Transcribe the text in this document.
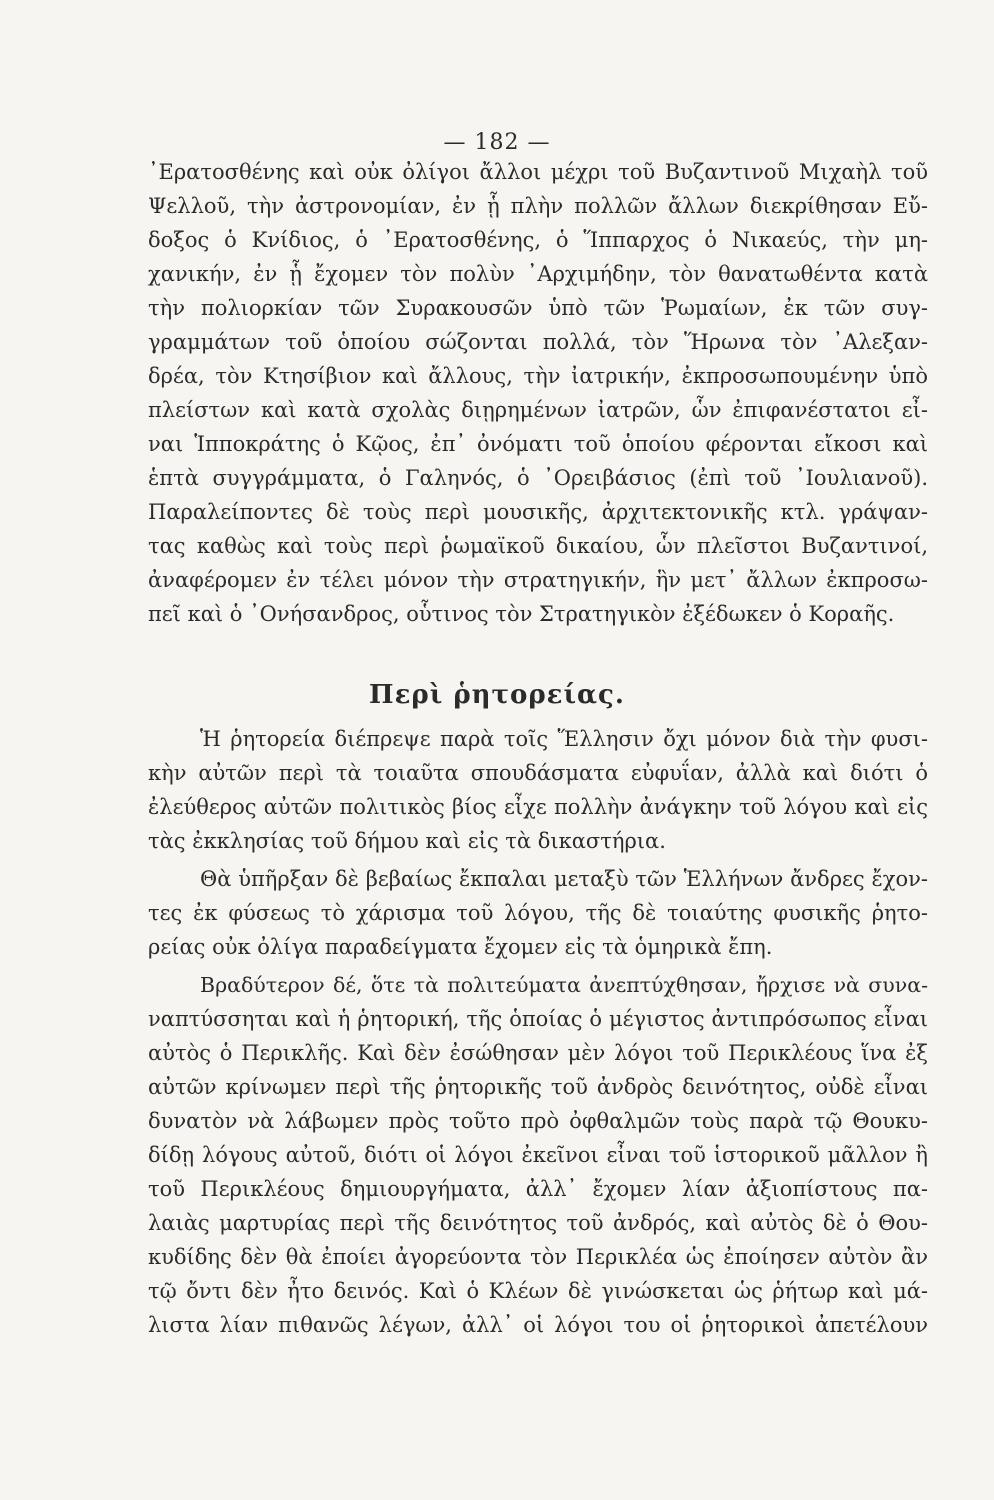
— 182 —
᾿Ερατοσθένης καὶ οὐκ ὀλίγοι ἄλλοι μέχρι τοῦ Βυζαντινοῦ Μιχαὴλ τοῦ
Ψελλοῦ, τὴν ἀστρονομίαν, ἐν ᾗ πλὴν πολλῶν ἄλλων διεκρίθησαν Εὔ-
δοξος ὁ Κνίδιος, ὁ ᾿Ερατοσθένης, ὁ Ἵππαρχος ὁ Νικαεύς, τὴν μη-
χανικήν, ἐν ᾗ ἔχομεν τὸν πολὺν ᾿Αρχιμήδην, τὸν θανατωθέντα κατὰ
τὴν πολιορκίαν τῶν Συρακουσῶν ὑπὸ τῶν Ῥωμαίων, ἐκ τῶν συγ-
γραμμάτων τοῦ ὁποίου σώζονται πολλά, τὸν Ἥρωνα τὸν ᾿Αλεξαν-
δρέα, τὸν Κτησίβιον καὶ ἄλλους, τὴν ἰατρικήν, ἐκπροσωπουμένην ὑπὸ
πλείστων καὶ κατὰ σχολὰς διῃρημένων ἰατρῶν, ὧν ἐπιφανέστατοι εἶ-
ναι Ἱπποκράτης ὁ Κῷος, ἐπ᾿ ὀνόματι τοῦ ὁποίου φέρονται εἴκοσι καὶ
ἑπτὰ συγγράμματα, ὁ Γαληνός, ὁ ᾿Ορειβάσιος (ἐπὶ τοῦ ᾿Ιουλιανοῦ).
Παραλείποντες δὲ τοὺς περὶ μουσικῆς, ἀρχιτεκτονικῆς κτλ. γράψαν-
τας καθὼς καὶ τοὺς περὶ ῥωμαϊκοῦ δικαίου, ὧν πλεῖστοι Βυζαντινοί,
ἀναφέρομεν ἐν τέλει μόνον τὴν στρατηγικήν, ἣν μετ᾿ ἄλλων ἐκπροσω-
πεῖ καὶ ὁ ᾿Ονήσανδρος, οὗτινος τὸν Στρατηγικὸν ἐξέδωκεν ὁ Κοραῆς.
Περὶ ῥητορείας.
Ἡ ῥητορεία διέπρεψε παρὰ τοῖς Ἕλλησιν ὄχι μόνον διὰ τὴν φυσι-
κὴν αὐτῶν περὶ τὰ τοιαῦτα σπουδάσματα εὐφυΐαν, ἀλλὰ καὶ διότι ὁ
ἐλεύθερος αὐτῶν πολιτικὸς βίος εἶχε πολλὴν ἀνάγκην τοῦ λόγου καὶ εἰς
τὰς ἐκκλησίας τοῦ δήμου καὶ εἰς τὰ δικαστήρια.
Θὰ ὑπῆρξαν δὲ βεβαίως ἔκπαλαι μεταξὺ τῶν Ἑλλήνων ἄνδρες ἔχον-
τες ἐκ φύσεως τὸ χάρισμα τοῦ λόγου, τῆς δὲ τοιαύτης φυσικῆς ῥητο-
ρείας οὐκ ὀλίγα παραδείγματα ἔχομεν εἰς τὰ ὁμηρικὰ ἔπη.
Βραδύτερον δέ, ὅτε τὰ πολιτεύματα ἀνεπτύχθησαν, ἤρχισε νὰ συνα-
ναπτύσσηται καὶ ἡ ῥητορική, τῆς ὁποίας ὁ μέγιστος ἀντιπρόσωπος εἶναι
αὐτὸς ὁ Περικλῆς. Καὶ δὲν ἐσώθησαν μὲν λόγοι τοῦ Περικλέους ἵνα ἐξ
αὐτῶν κρίνωμεν περὶ τῆς ῥητορικῆς τοῦ ἀνδρὸς δεινότητος, οὐδὲ εἶναι
δυνατὸν νὰ λάβωμεν πρὸς τοῦτο πρὸ ὀφθαλμῶν τοὺς παρὰ τῷ Θουκυ-
δίδῃ λόγους αὐτοῦ, διότι οἱ λόγοι ἐκεῖνοι εἶναι τοῦ ἱστορικοῦ μᾶλλον ἢ
τοῦ Περικλέους δημιουργήματα, ἀλλ᾿ ἔχομεν λίαν ἀξιοπίστους πα-
λαιὰς μαρτυρίας περὶ τῆς δεινότητος τοῦ ἀνδρός, καὶ αὐτὸς δὲ ὁ Θου-
κυδίδης δὲν θὰ ἐποίει ἀγορεύοντα τὸν Περικλέα ὡς ἐποίησεν αὐτὸν ἂν
τῷ ὄντι δὲν ἦτο δεινός. Καὶ ὁ Κλέων δὲ γινώσκεται ὡς ῥήτωρ καὶ μά-
λιστα λίαν πιθανῶς λέγων, ἀλλ᾿ οἱ λόγοι του οἱ ῥητορικοὶ ἀπετέλουν
